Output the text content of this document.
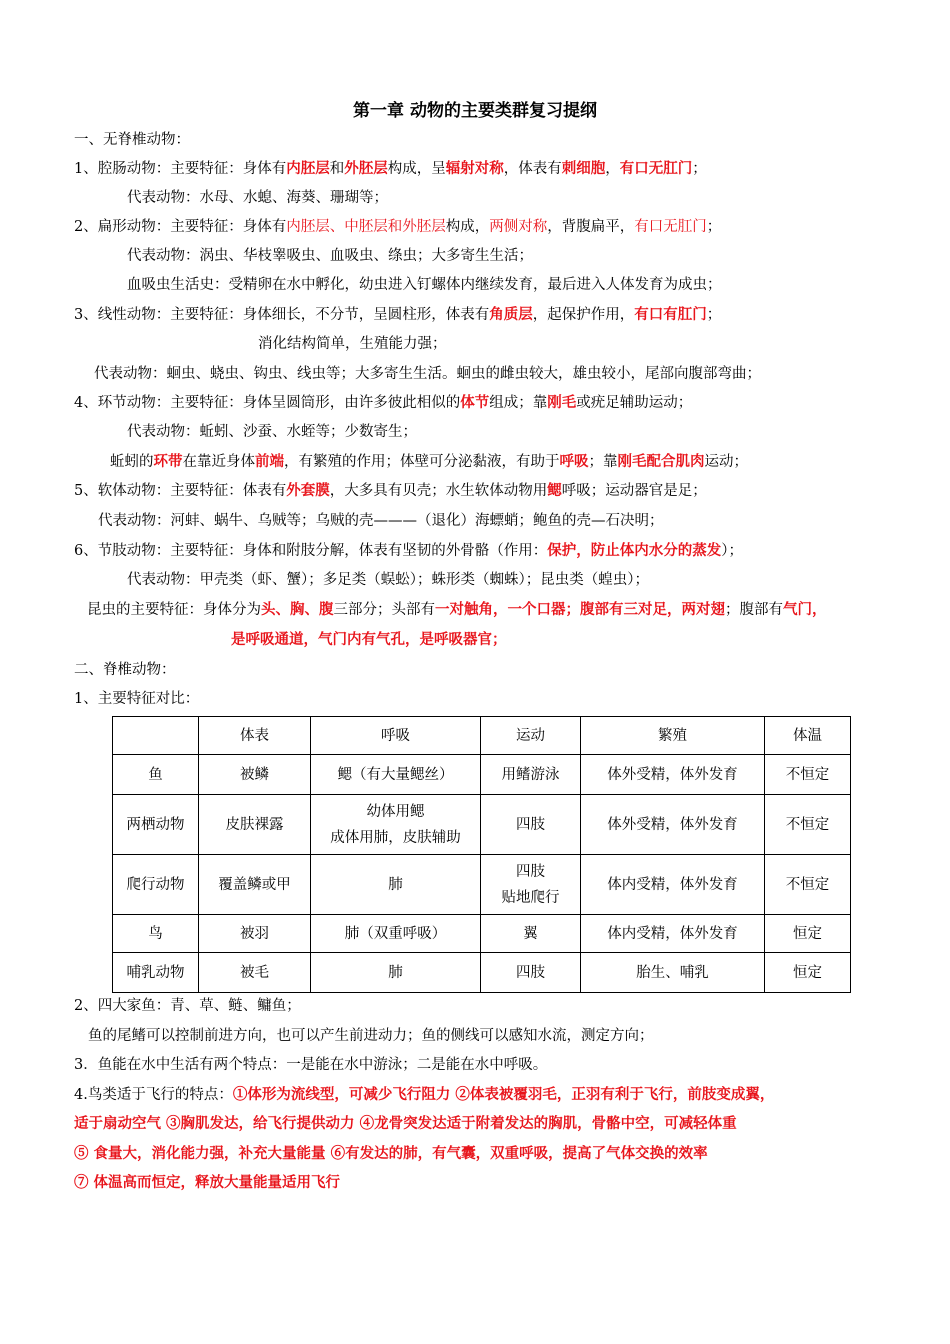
第一章 动物的主要类群复习提纲
一、无脊椎动物：
1、腔肠动物：主要特征：身体有内胚层和外胚层构成，呈辐射对称，体表有刺细胞，有口无肛门；
代表动物：水母、水螅、海葵、珊瑚等；
2、扁形动物：主要特征：身体有内胚层、中胚层和外胚层构成，两侧对称，背腹扁平，有口无肛门；
代表动物：涡虫、华枝睾吸虫、血吸虫、绦虫；大多寄生生活；
血吸虫生活史：受精卵在水中孵化，幼虫进入钉螺体内继续发育，最后进入人体发育为成虫；
3、线性动物：主要特征：身体细长，不分节，呈圆柱形，体表有角质层，起保护作用，有口有肛门；
消化结构简单，生殖能力强；
代表动物：蛔虫、蛲虫、钩虫、线虫等；大多寄生生活。蛔虫的雌虫较大，雄虫较小，尾部向腹部弯曲；
4、环节动物：主要特征：身体呈圆筒形，由许多彼此相似的体节组成；靠刚毛或疣足辅助运动；
代表动物：蚯蚓、沙蚕、水蛭等；少数寄生；
蚯蚓的环带在靠近身体前端，有繁殖的作用；体壁可分泌黏液，有助于呼吸；靠刚毛配合肌肉运动；
5、软体动物：主要特征：体表有外套膜，大多具有贝壳；水生软体动物用鳃呼吸；运动器官是足；
代表动物：河蚌、蜗牛、乌贼等；乌贼的壳———（退化）海螵蛸；鲍鱼的壳—石决明；
6、节肢动物：主要特征：身体和附肢分解，体表有坚韧的外骨骼（作用：保护，防止体内水分的蒸发）；
代表动物：甲壳类（虾、蟹）；多足类（蜈蚣）；蛛形类（蜘蛛）；昆虫类（蝗虫）；
昆虫的主要特征：身体分为头、胸、腹三部分；头部有一对触角，一个口器；腹部有三对足，两对翅；腹部有气门，
是呼吸通道，气门内有气孔，是呼吸器官；
二、脊椎动物：
1、主要特征对比：
	体表	呼吸	运动	繁殖	体温
鱼	被鳞	鳃（有大量鳃丝）	用鳍游泳	体外受精，体外发育	不恒定
两栖动物	皮肤裸露	幼体用鳃
成体用肺，皮肤辅助	四肢	体外受精，体外发育	不恒定
爬行动物	覆盖鳞或甲	肺	四肢
贴地爬行	体内受精，体外发育	不恒定
鸟	被羽	肺（双重呼吸）	翼	体内受精，体外发育	恒定
哺乳动物	被毛	肺	四肢	胎生、哺乳	恒定
2、四大家鱼：青、草、鲢、鳙鱼；
鱼的尾鳍可以控制前进方向，也可以产生前进动力；鱼的侧线可以感知水流，测定方向；
3．鱼能在水中生活有两个特点：一是能在水中游泳；二是能在水中呼吸。
4.鸟类适于飞行的特点：①体形为流线型，可减少飞行阻力 ②体表被覆羽毛，正羽有利于飞行，前肢变成翼，
适于扇动空气 ③胸肌发达，给飞行提供动力 ④龙骨突发达适于附着发达的胸肌，骨骼中空，可减轻体重
⑤ 食量大，消化能力强，补充大量能量 ⑥有发达的肺，有气囊，双重呼吸，提高了气体交换的效率
⑦ 体温高而恒定，释放大量能量适用飞行
